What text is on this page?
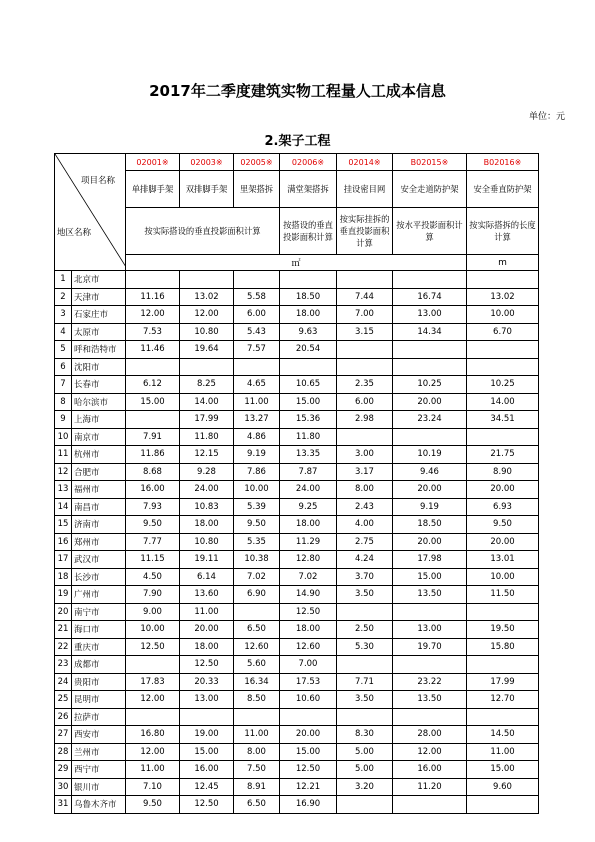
2017年二季度建筑实物工程量人工成本信息
单位：元
2.架子工程
项目名称
地区名称		02001※	02003※	02005※	02006※	02014※	B02015※	B02016※
		单排脚手架	双排脚手架	里架搭拆	满堂架搭拆	挂设密目网	安全走道防护架	安全垂直防护架
		按实际搭设的垂直投影面积计算			按搭设的垂直投影面积计算	按实际挂拆的垂直投影面积计算	按水平投影面积计算	按实际搭拆的长度计算
		㎡						m
1	北京市							
2	天津市	11.16	13.02	5.58	18.50	7.44	16.74	13.02
3	石家庄市	12.00	12.00	6.00	18.00	7.00	13.00	10.00
4	太原市	7.53	10.80	5.43	9.63	3.15	14.34	6.70
5	呼和浩特市	11.46	19.64	7.57	20.54			
6	沈阳市							
7	长春市	6.12	8.25	4.65	10.65	2.35	10.25	10.25
8	哈尔滨市	15.00	14.00	11.00	15.00	6.00	20.00	14.00
9	上海市		17.99	13.27	15.36	2.98	23.24	34.51
10	南京市	7.91	11.80	4.86	11.80			
11	杭州市	11.86	12.15	9.19	13.35	3.00	10.19	21.75
12	合肥市	8.68	9.28	7.86	7.87	3.17	9.46	8.90
13	福州市	16.00	24.00	10.00	24.00	8.00	20.00	20.00
14	南昌市	7.93	10.83	5.39	9.25	2.43	9.19	6.93
15	济南市	9.50	18.00	9.50	18.00	4.00	18.50	9.50
16	郑州市	7.77	10.80	5.35	11.29	2.75	20.00	20.00
17	武汉市	11.15	19.11	10.38	12.80	4.24	17.98	13.01
18	长沙市	4.50	6.14	7.02	7.02	3.70	15.00	10.00
19	广州市	7.90	13.60	6.90	14.90	3.50	13.50	11.50
20	南宁市	9.00	11.00		12.50			
21	海口市	10.00	20.00	6.50	18.00	2.50	13.00	19.50
22	重庆市	12.50	18.00	12.60	12.60	5.30	19.70	15.80
23	成都市		12.50	5.60	7.00			
24	贵阳市	17.83	20.33	16.34	17.53	7.71	23.22	17.99
25	昆明市	12.00	13.00	8.50	10.60	3.50	13.50	12.70
26	拉萨市							
27	西安市	16.80	19.00	11.00	20.00	8.30	28.00	14.50
28	兰州市	12.00	15.00	8.00	15.00	5.00	12.00	11.00
29	西宁市	11.00	16.00	7.50	12.50	5.00	16.00	15.00
30	银川市	7.10	12.45	8.91	12.21	3.20	11.20	9.60
31	乌鲁木齐市	9.50	12.50	6.50	16.90			
